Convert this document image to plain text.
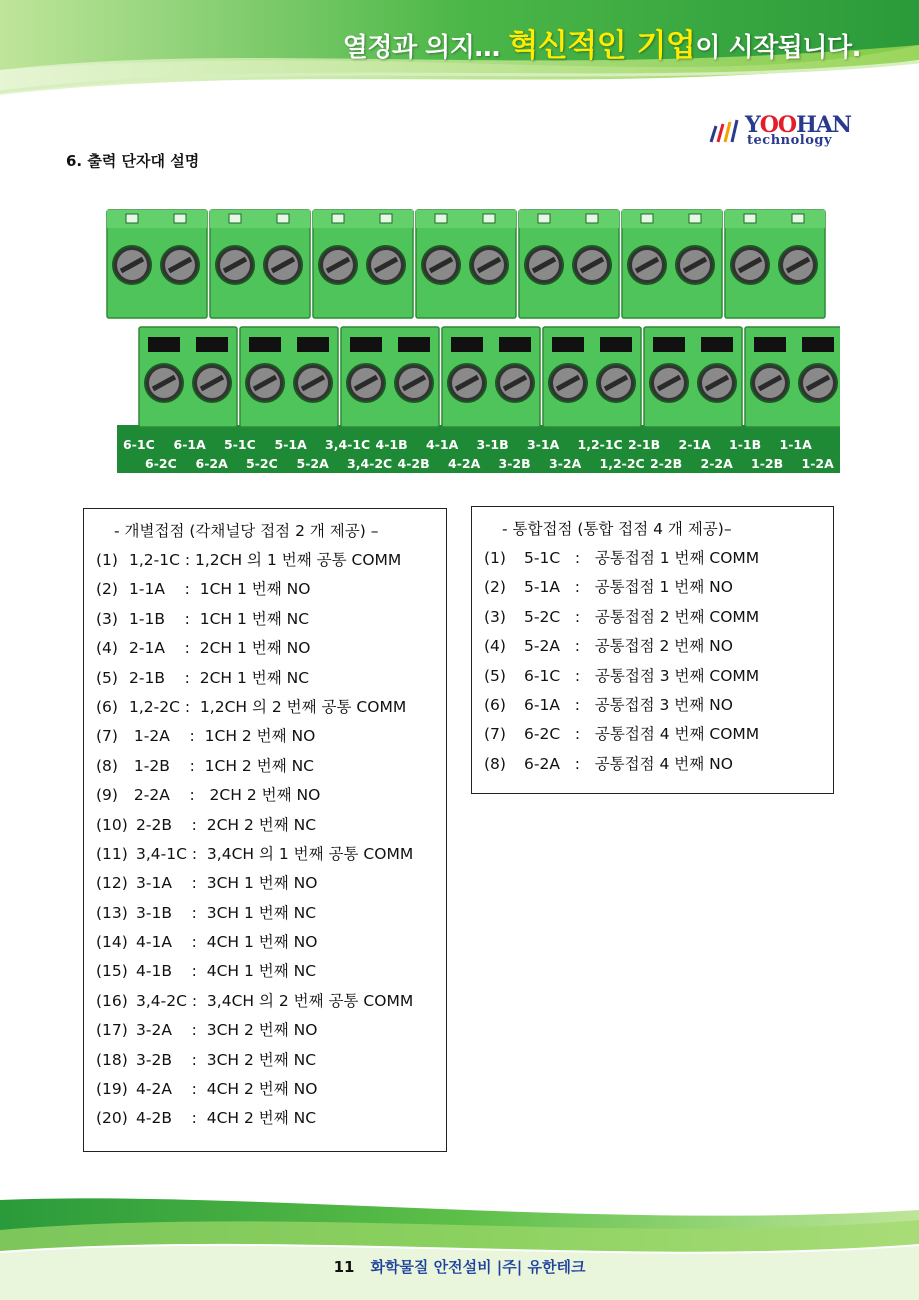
열정과 의지… 혁신적인 기업이 시작됩니다.
YOOHAN
technology
6. 출력 단자대 설명
6-1C 6-1A 5-1C 5-1A 3,4-1C 4-1B 4-1A 3-1B 3-1A 1,2-1C 2-1B 2-1A 1-1B 1-1A
6-2C 6-2A 5-2C 5-2A 3,4-2C 4-2B 4-2A 3-2B 3-2A 1,2-2C 2-2B 2-2A 1-2B 1-2A
- 개별접점 (각채널당 접점 2 개 제공) –
(1) 1,2-1C : 1,2CH 의 1 번째 공통 COMM
(2) 1-1A    :  1CH 1 번째 NO
(3) 1-1B    :  1CH 1 번째 NC
(4) 2-1A    :  2CH 1 번째 NO
(5) 2-1B    :  2CH 1 번째 NC
(6) 1,2-2C :  1,2CH 의 2 번째 공통 COMM
(7) 1-2A    :  1CH 2 번째 NO
(8) 1-2B    :  1CH 2 번째 NC
(9) 2-2A    :   2CH 2 번째 NO
(10) 2-2B    :  2CH 2 번째 NC
(11) 3,4-1C :  3,4CH 의 1 번째 공통 COMM
(12) 3-1A    :  3CH 1 번째 NO
(13) 3-1B    :  3CH 1 번째 NC
(14) 4-1A    :  4CH 1 번째 NO
(15) 4-1B    :  4CH 1 번째 NC
(16) 3,4-2C :  3,4CH 의 2 번째 공통 COMM
(17) 3-2A    :  3CH 2 번째 NO
(18) 3-2B    :  3CH 2 번째 NC
(19) 4-2A    :  4CH 2 번째 NO
(20) 4-2B    :  4CH 2 번째 NC
- 통합접점 (통합 접점 4 개 제공)–
(1)	5-1C   :   공통접점 1 번째 COMM
(2)	5-1A   :   공통접점 1 번째 NO
(3)	5-2C   :   공통접점 2 번째 COMM
(4)	5-2A   :   공통접점 2 번째 NO
(5)	6-1C   :   공통접점 3 번째 COMM
(6)	6-1A   :   공통접점 3 번째 NO
(7)	6-2C   :   공통접점 4 번째 COMM
(8)	6-2A   :   공통접점 4 번째 NO
11 화학물질 안전설비 |주| 유한테크
